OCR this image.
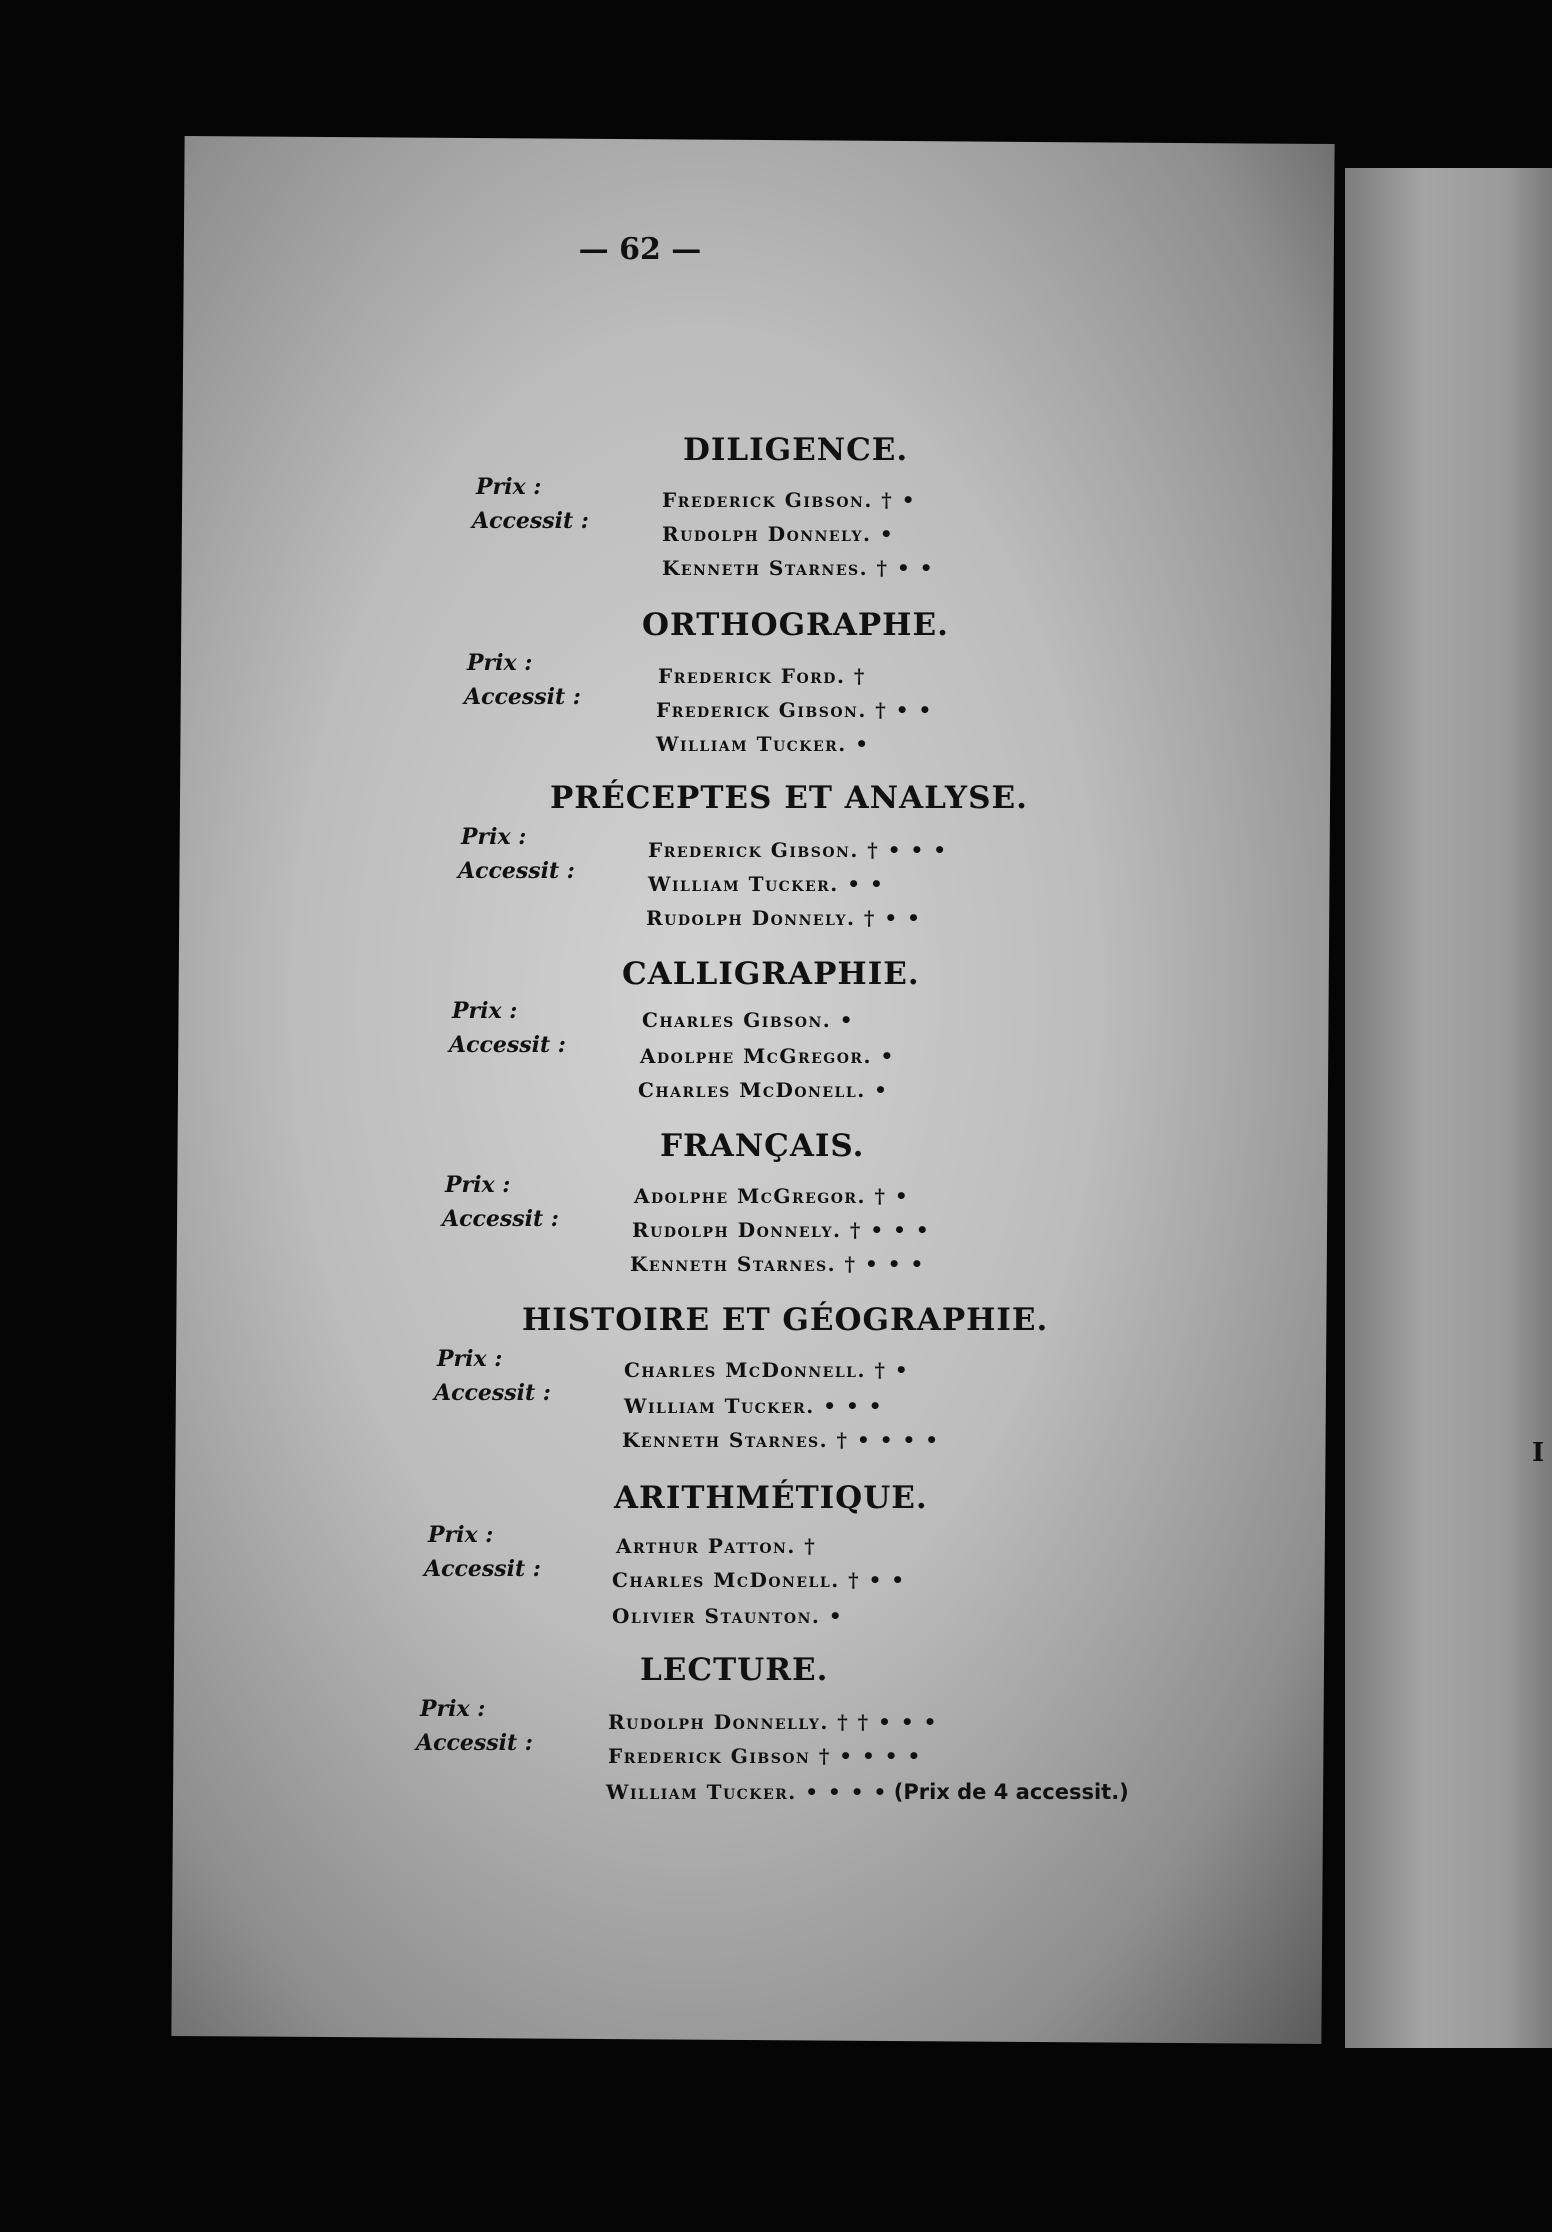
— 62 —
DILIGENCE.
Prix :
Accessit :
Frederick Gibson. † •
Rudolph Donnely. •
Kenneth Starnes. † • •
ORTHOGRAPHE.
Prix :
Accessit :
Frederick Ford. †
Frederick Gibson. † • •
William Tucker. •
PRÉCEPTES ET ANALYSE.
Prix :
Accessit :
Frederick Gibson. † • • •
William Tucker. • •
Rudolph Donnely. † • •
CALLIGRAPHIE.
Prix :
Accessit :
Charles Gibson. •
Adolphe McGregor. •
Charles McDonell. •
FRANÇAIS.
Prix :
Accessit :
Adolphe McGregor. † •
Rudolph Donnely. † • • •
Kenneth Starnes. † • • •
HISTOIRE ET GÉOGRAPHIE.
Prix :
Accessit :
Charles McDonnell. † •
William Tucker. • • •
Kenneth Starnes. † • • • •
ARITHMÉTIQUE.
Prix :
Accessit :
Arthur Patton. †
Charles McDonell. † • •
Olivier Staunton. •
LECTURE.
Prix :
Accessit :
Rudolph Donnelly. † † • • •
Frederick Gibson † • • • •
William Tucker. • • • • (Prix de 4 accessit.)
I
